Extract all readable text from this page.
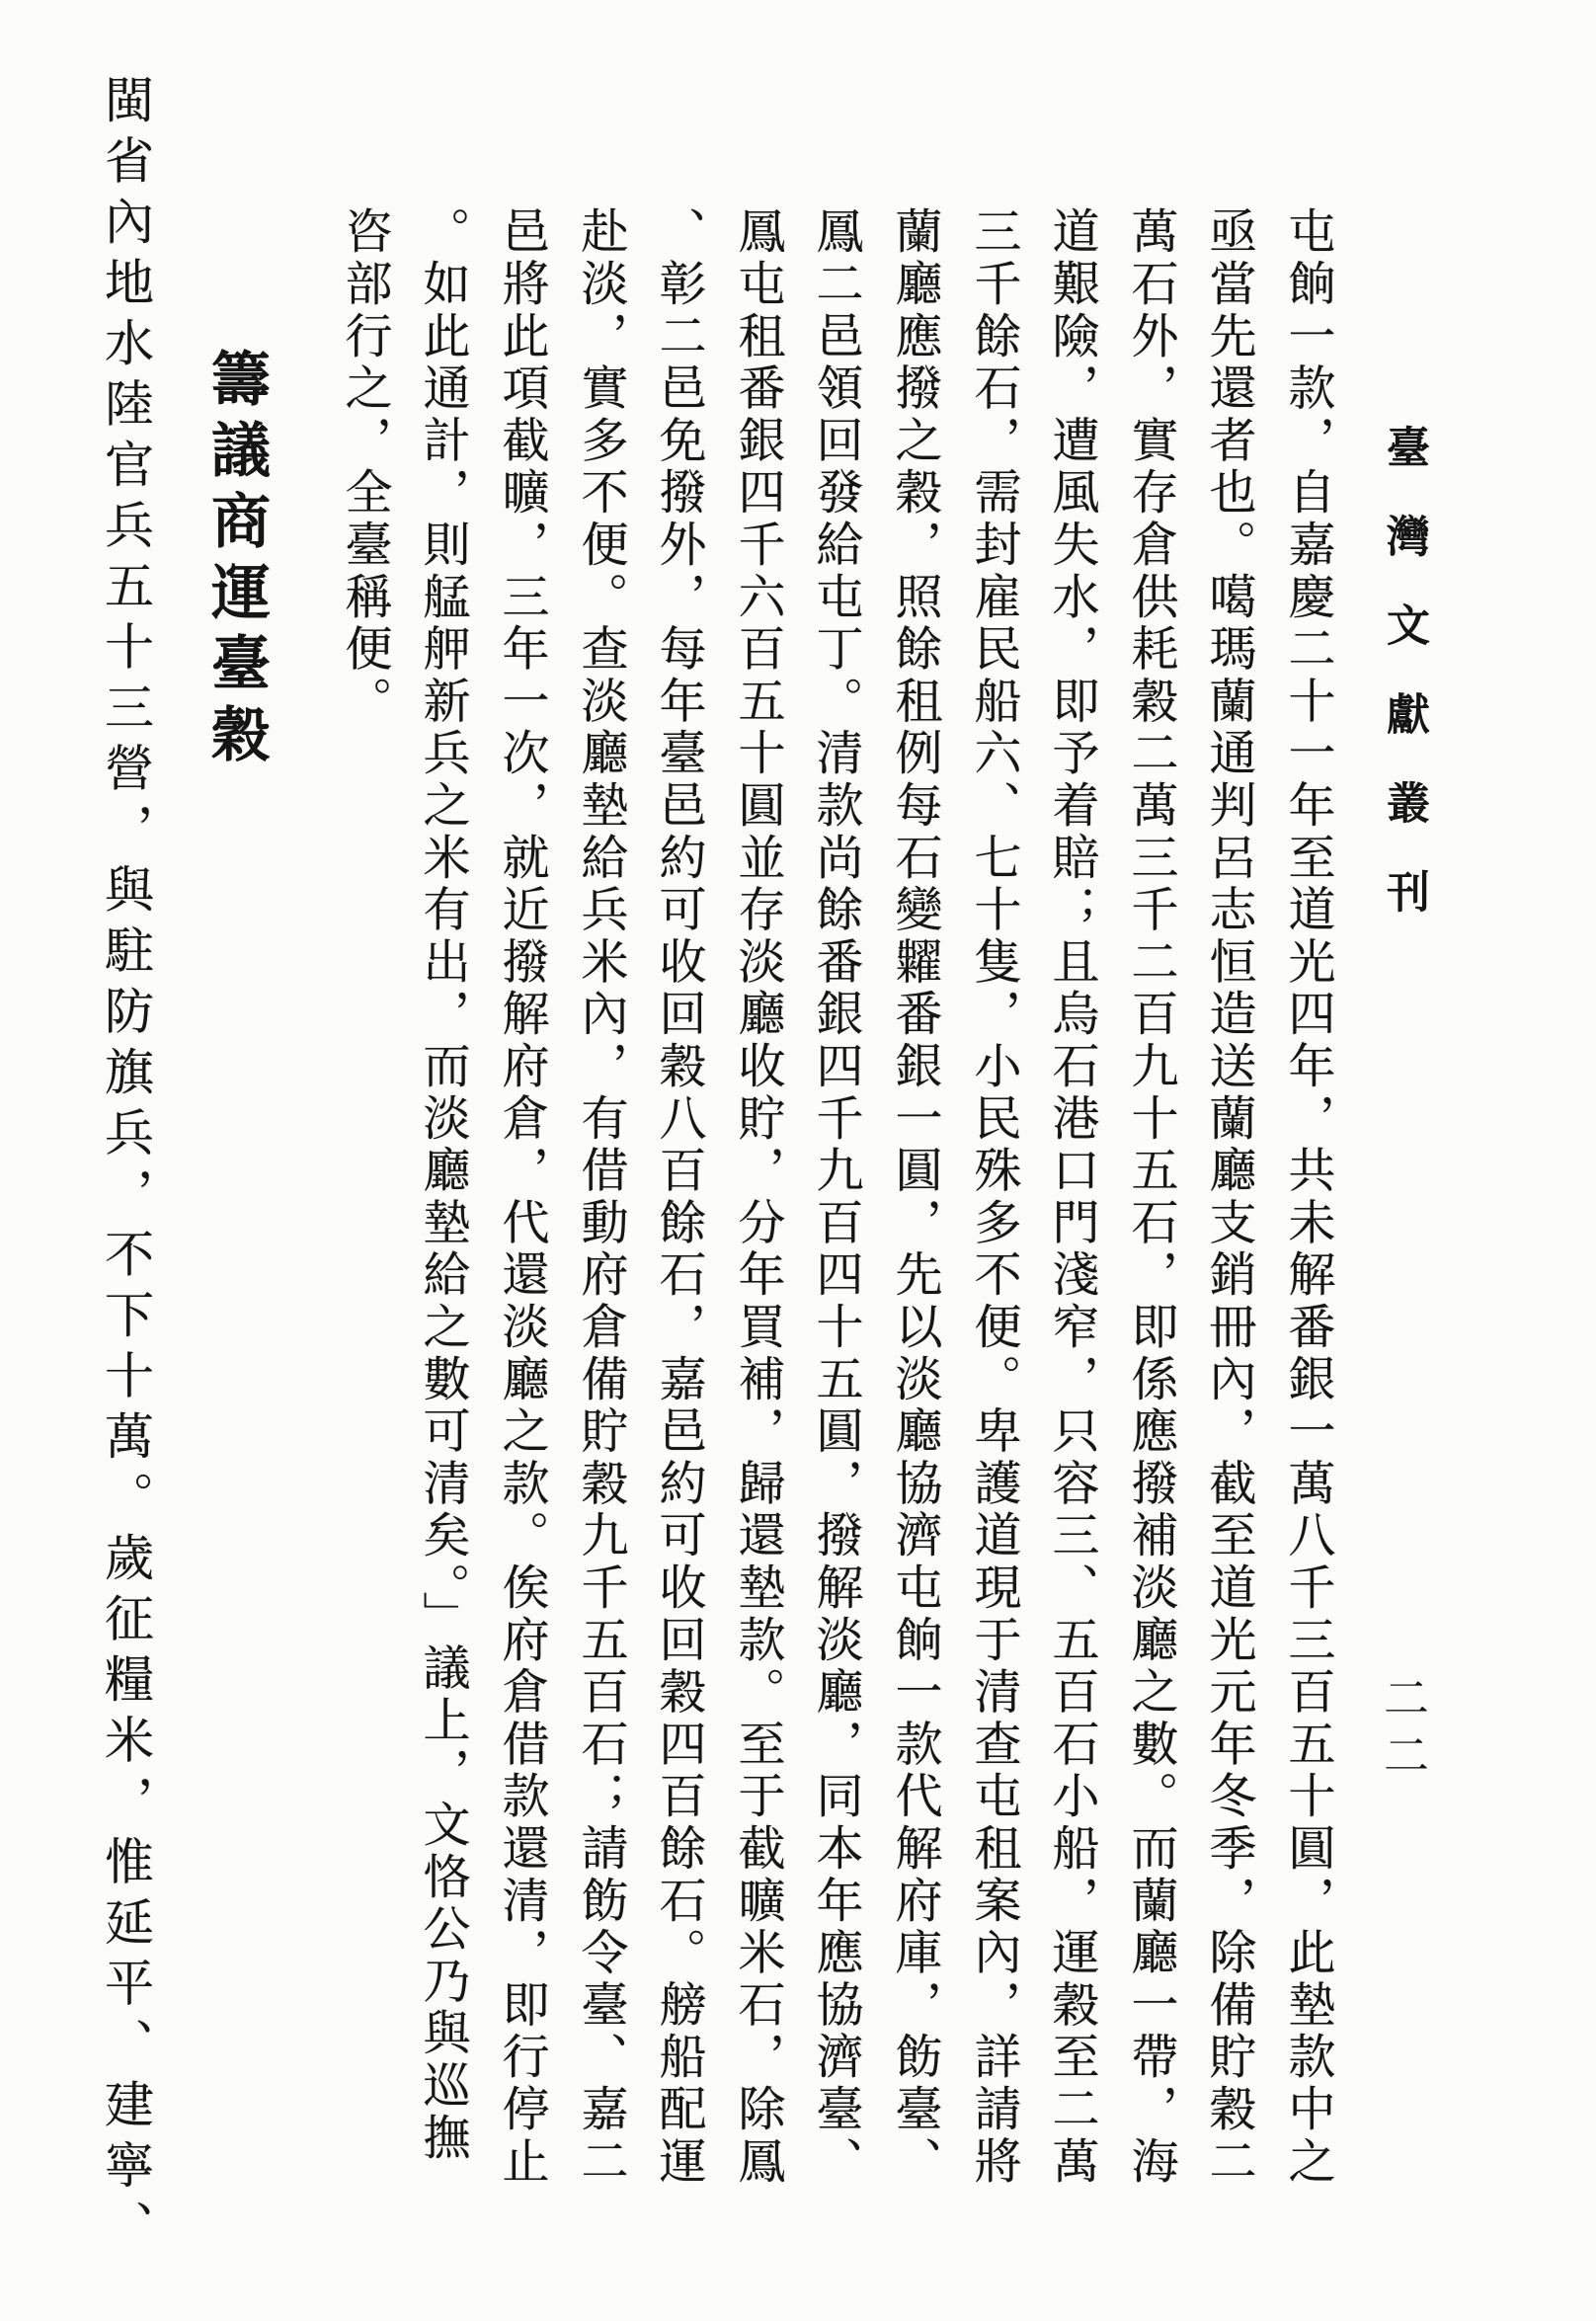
臺灣文獻叢刊
二二
屯餉一款，自嘉慶二十一年至道光四年，共未解番銀一萬八千三百五十圓，此墊款中之
亟當先還者也。噶瑪蘭通判呂志恒造送蘭廳支銷冊內，截至道光元年冬季，除備貯穀二
萬石外，實存倉供耗穀二萬三千二百九十五石，即係應撥補淡廳之數。而蘭廳一帶，海
道艱險，遭風失水，即予着賠；且烏石港口門淺窄，只容三、五百石小船，運穀至二萬
三千餘石，需封雇民船六、七十隻，小民殊多不便。卑護道現于清查屯租案內，詳請將
蘭廳應撥之穀，照餘租例每石變糶番銀一圓，先以淡廳協濟屯餉一款代解府庫，飭臺、
鳳二邑領回發給屯丁。清款尚餘番銀四千九百四十五圓，撥解淡廳，同本年應協濟臺、
鳳屯租番銀四千六百五十圓並存淡廳收貯，分年買補，歸還墊款。至于截曠米石，除鳳
、彰二邑免撥外，每年臺邑約可收回穀八百餘石，嘉邑約可收回穀四百餘石。艕船配運
赴淡，實多不便。查淡廳墊給兵米內，有借動府倉備貯穀九千五百石；請飭令臺、嘉二
邑將此項截曠，三年一次，就近撥解府倉，代還淡廳之款。俟府倉借款還清，即行停止
。如此通計，則艋舺新兵之米有出，而淡廳墊給之數可清矣。」議上，文恪公乃與巡撫
咨部行之，全臺稱便。
籌議商運臺穀
閩省內地水陸官兵五十三營，與駐防旗兵，不下十萬。歲征糧米，惟延平、建寧、
